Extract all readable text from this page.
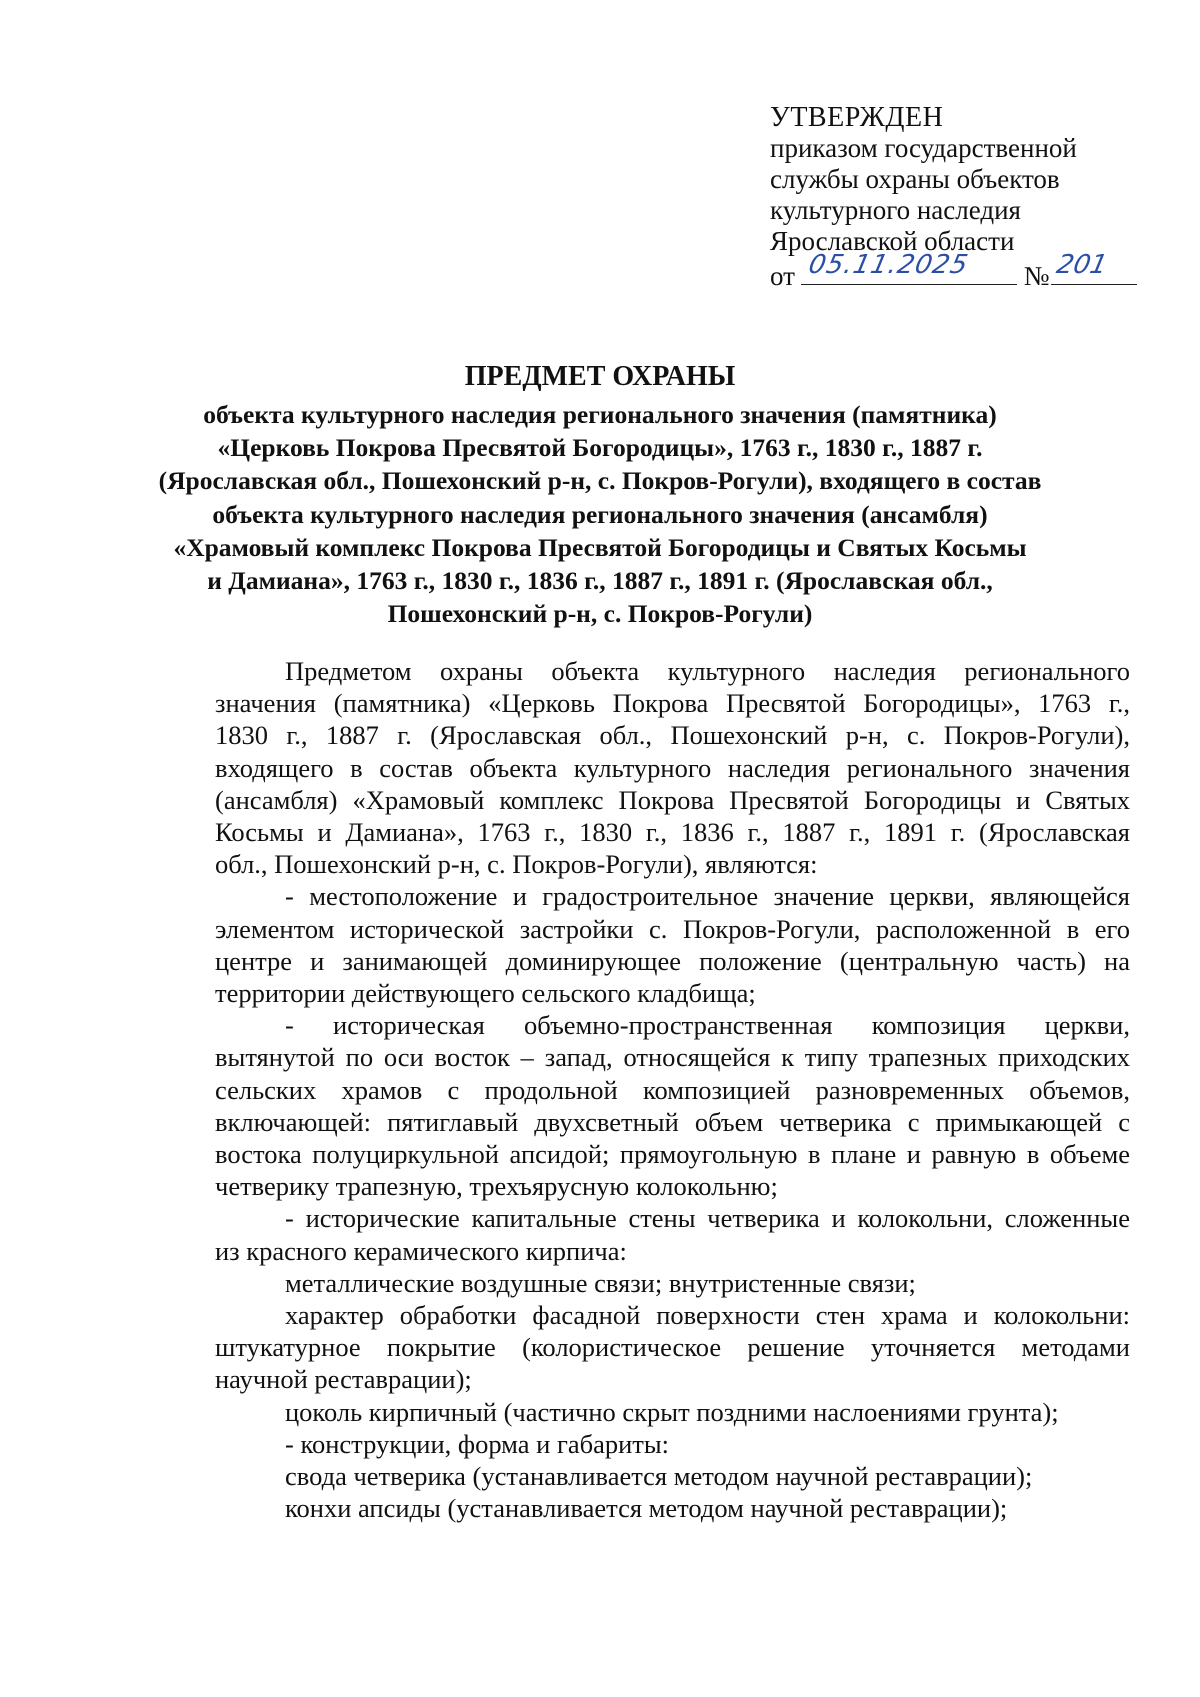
УТВЕРЖДЕН
приказом государственной
службы охраны объектов
культурного наследия
Ярославской области
от 05.11.2025 № 201
ПРЕДМЕТ ОХРАНЫ
объекта культурного наследия регионального значения (памятника)
«Церковь Покрова Пресвятой Богородицы», 1763 г., 1830 г., 1887 г.
(Ярославская обл., Пошехонский р-н, с. Покров-Рогули), входящего в состав
объекта культурного наследия регионального значения (ансамбля)
«Храмовый комплекс Покрова Пресвятой Богородицы и Святых Косьмы
и Дамиана», 1763 г., 1830 г., 1836 г., 1887 г., 1891 г. (Ярославская обл.,
Пошехонский р-н, с. Покров-Рогули)
Предметом охраны объекта культурного наследия регионального
значения (памятника) «Церковь Покрова Пресвятой Богородицы», 1763 г.,
1830 г., 1887 г. (Ярославская обл., Пошехонский р-н, с. Покров-Рогули),
входящего в состав объекта культурного наследия регионального значения
(ансамбля) «Храмовый комплекс Покрова Пресвятой Богородицы и Святых
Косьмы и Дамиана», 1763 г., 1830 г., 1836 г., 1887 г., 1891 г. (Ярославская
обл., Пошехонский р-н, с. Покров-Рогули), являются:
- местоположение и градостроительное значение церкви, являющейся
элементом исторической застройки с. Покров-Рогули, расположенной в его
центре и занимающей доминирующее положение (центральную часть) на
территории действующего сельского кладбища;
- историческая объемно-пространственная композиция церкви,
вытянутой по оси восток – запад, относящейся к типу трапезных приходских
сельских храмов с продольной композицией разновременных объемов,
включающей: пятиглавый двухсветный объем четверика с примыкающей с
востока полуциркульной апсидой; прямоугольную в плане и равную в объеме
четверику трапезную, трехъярусную колокольню;
- исторические капитальные стены четверика и колокольни, сложенные
из красного керамического кирпича:
металлические воздушные связи; внутристенные связи;
характер обработки фасадной поверхности стен храма и колокольни:
штукатурное покрытие (колористическое решение уточняется методами
научной реставрации);
цоколь кирпичный (частично скрыт поздними наслоениями грунта);
- конструкции, форма и габариты:
свода четверика (устанавливается методом научной реставрации);
конхи апсиды (устанавливается методом научной реставрации);
